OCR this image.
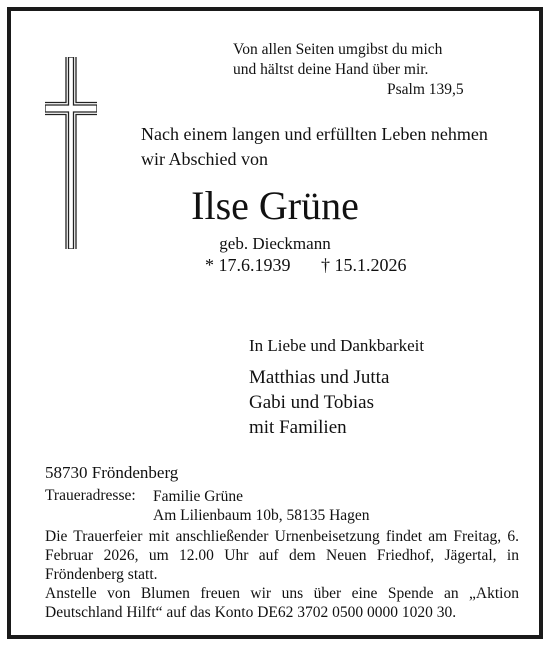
Von allen Seiten umgibst du mich
und hältst deine Hand über mir.
Psalm 139,5
Nach einem langen und erfüllten Leben nehmen
wir Abschied von
Ilse Grüne
geb. Dieckmann
* 17.6.1939 † 15.1.2026
In Liebe und Dankbarkeit
Matthias und Jutta
Gabi und Tobias
mit Familien
58730 Fröndenberg
Traueradresse: Familie Grüne
Am Lilienbaum 10b, 58135 Hagen
Die Trauerfeier mit anschließender Urnenbeisetzung findet am Freitag, 6. Februar 2026, um 12.00 Uhr auf dem Neuen Friedhof, Jägertal, in Fröndenberg statt.
Anstelle von Blumen freuen wir uns über eine Spende an „Aktion Deutschland Hilft“ auf das Konto DE62 3702 0500 0000 1020 30.
